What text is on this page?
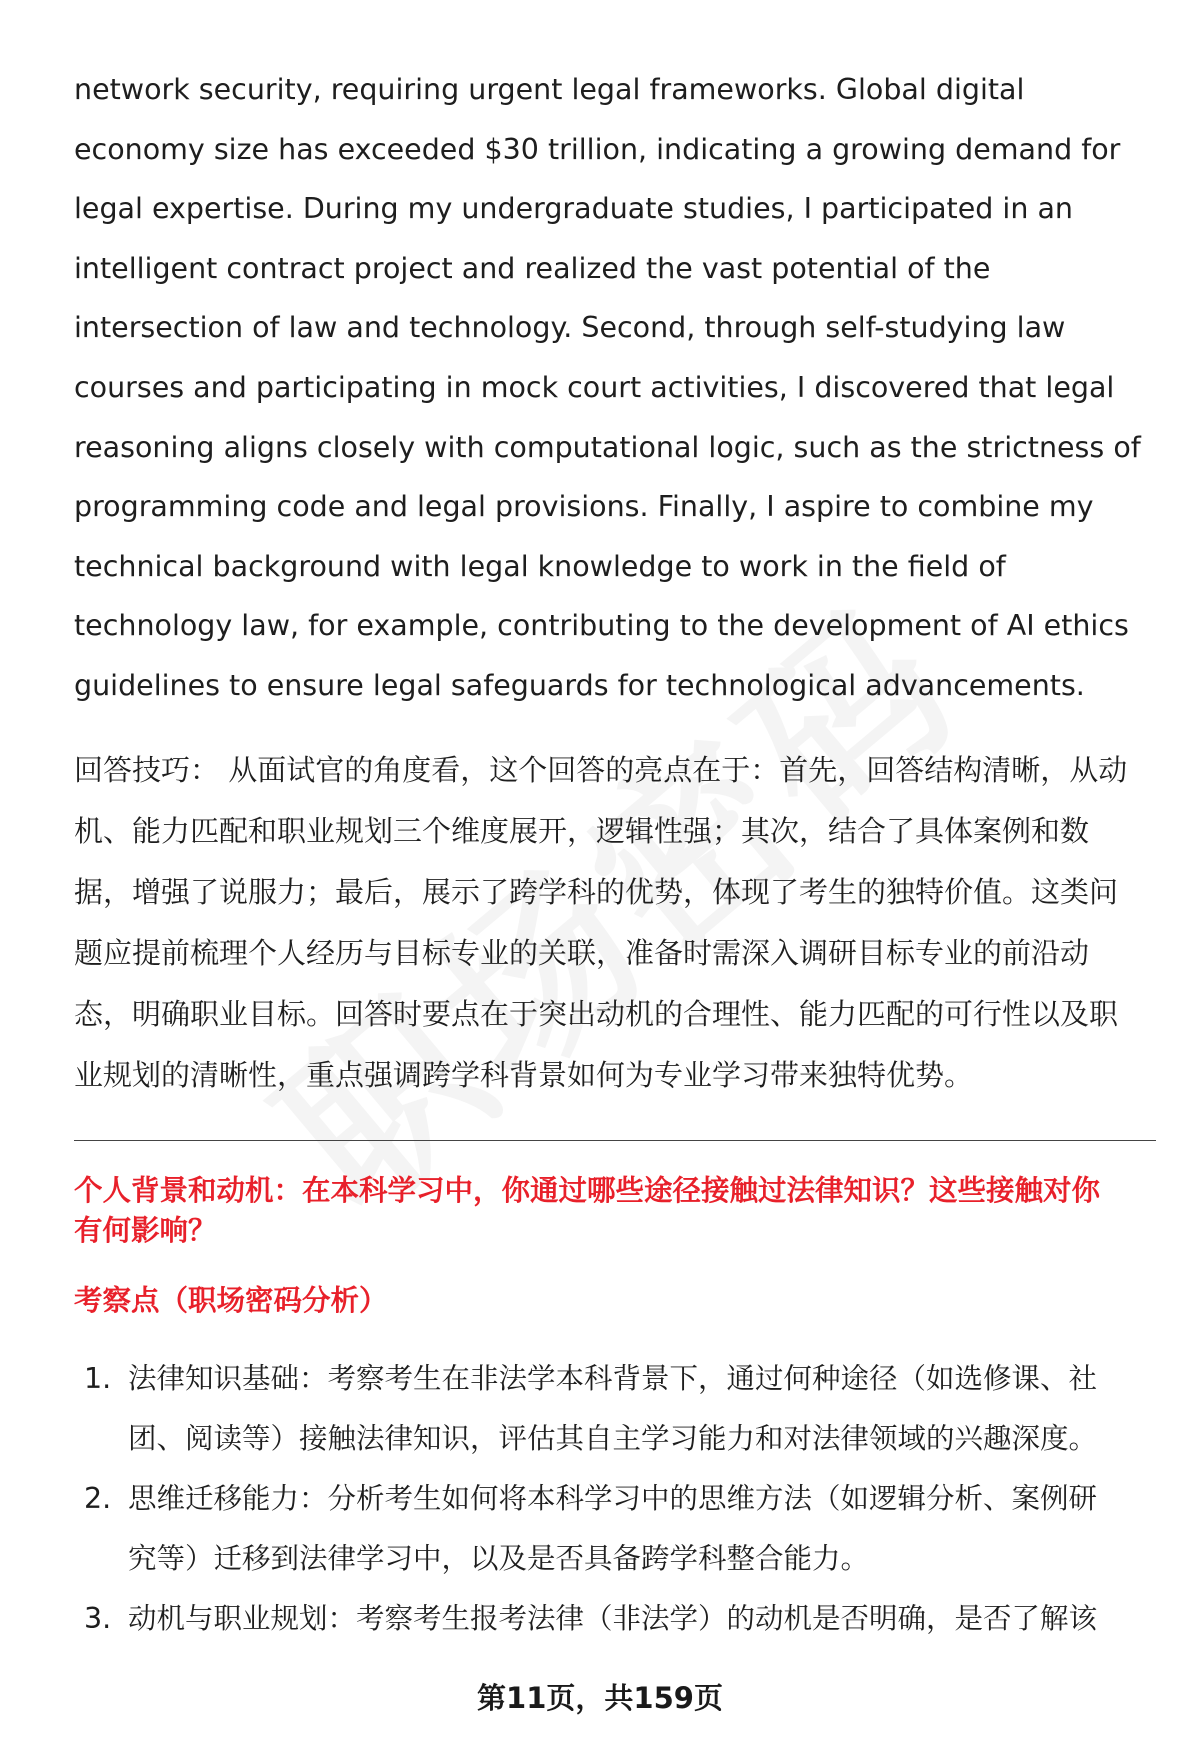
network security, requiring urgent legal frameworks. Global digital
economy size has exceeded $30 trillion, indicating a growing demand for
legal expertise. During my undergraduate studies, I participated in an
intelligent contract project and realized the vast potential of the
intersection of law and technology. Second, through self-studying law
courses and participating in mock court activities, I discovered that legal
reasoning aligns closely with computational logic, such as the strictness of
programming code and legal provisions. Finally, I aspire to combine my
technical background with legal knowledge to work in the field of
technology law, for example, contributing to the development of AI ethics
guidelines to ensure legal safeguards for technological advancements.
回答技巧： 从面试官的角度看，这个回答的亮点在于：首先，回答结构清晰，从动
机、能力匹配和职业规划三个维度展开，逻辑性强；其次，结合了具体案例和数
据，增强了说服力；最后，展示了跨学科的优势，体现了考生的独特价值。这类问
题应提前梳理个人经历与目标专业的关联，准备时需深入调研目标专业的前沿动
态，明确职业目标。回答时要点在于突出动机的合理性、能力匹配的可行性以及职
业规划的清晰性，重点强调跨学科背景如何为专业学习带来独特优势。
个人背景和动机：在本科学习中，你通过哪些途径接触过法律知识？这些接触对你
有何影响？
考察点（职场密码分析）
1. 法律知识基础：考察考生在非法学本科背景下，通过何种途径（如选修课、社
团、阅读等）接触法律知识，评估其自主学习能力和对法律领域的兴趣深度。
2. 思维迁移能力：分析考生如何将本科学习中的思维方法（如逻辑分析、案例研
究等）迁移到法律学习中，以及是否具备跨学科整合能力。
3. 动机与职业规划：考察考生报考法律（非法学）的动机是否明确，是否了解该
第11页，共159页
